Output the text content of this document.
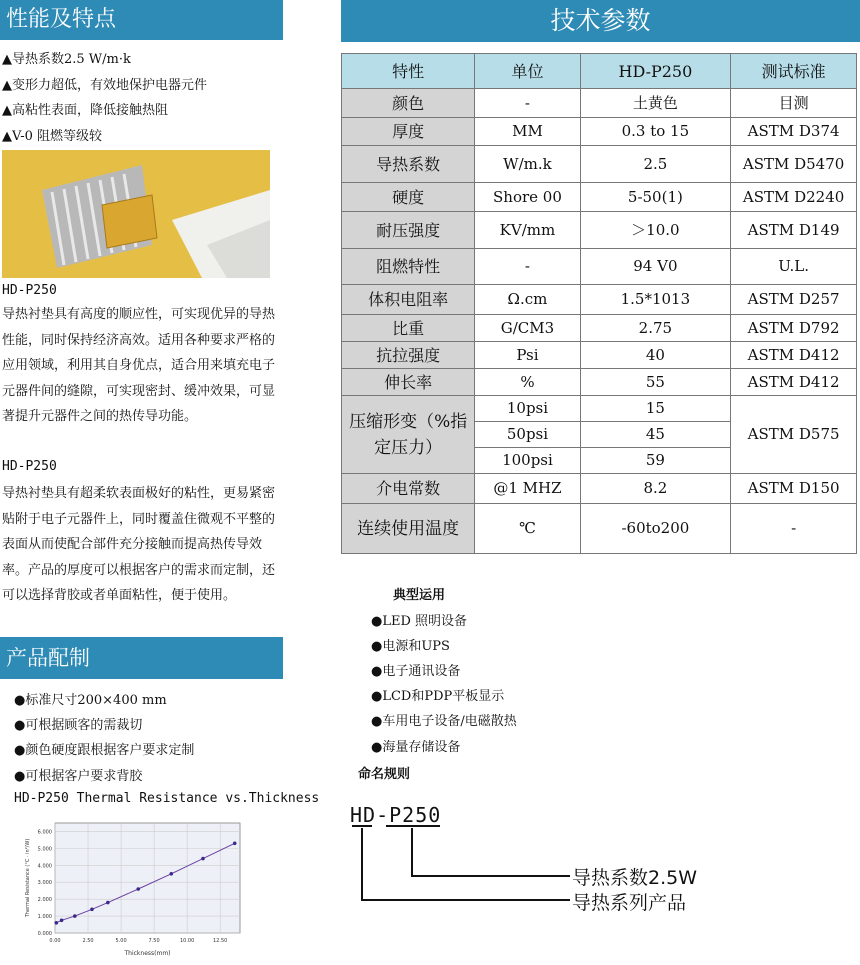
性能及特点
▲导热系数2.5 W/m·k
▲变形力超低，有效地保护电器元件
▲高粘性表面，降低接触热阻
▲V-0 阻燃等级较
HD-P250
导热衬垫具有高度的顺应性，可实现优异的导热性能，同时保持经济高效。适用各种要求严格的应用领域，利用其自身优点，适合用来填充电子元器件间的缝隙，可实现密封、缓冲效果，可显著提升元器件之间的热传导功能。
HD-P250
导热衬垫具有超柔软表面极好的粘性，更易紧密贴附于电子元器件上，同时覆盖住微观不平整的表面从而使配合部件充分接触而提高热传导效率。产品的厚度可以根据客户的需求而定制，还可以选择背胶或者单面粘性，便于使用。
产品配制
●标准尺寸200×400 mm
●可根据顾客的需裁切
●颜色硬度跟根据客户要求定制
●可根据客户要求背胶
HD-P250 Thermal Resistance vs.Thickness
0.000
1.000
2.000
3.000
4.000
5.000
6.000
0.00	2.50	5.00	7.50	10.00	12.50
Thickness(mm)
Thermal Resistance (°C · in²/W)
技术参数
特性	单位	HD-P250	测试标准
颜色	-	土黄色	目测
厚度	MM	0.3 to 15	ASTM D374
导热系数	W/m.k	2.5	ASTM D5470
硬度	Shore 00	5-50(1)	ASTM D2240
耐压强度	KV/mm	＞10.0	ASTM D149
阻燃特性	-	94 V0	U.L.
体积电阻率	Ω.cm	1.5*1013	ASTM D257
比重	G/CM3	2.75	ASTM D792
抗拉强度	Psi	40	ASTM D412
伸长率	%	55	ASTM D412
压缩形变（%指定压力）	10psi	15	ASTM D575
	50psi	45	
	100psi	59	
介电常数	@1 MHZ	8.2	ASTM D150
连续使用温度	℃	-60to200	-
典型运用
●LED 照明设备
●电源和UPS
●电子通讯设备
●LCD和PDP平板显示
●车用电子设备/电磁散热
●海量存储设备
命名规则
HD-P250
导热系数2.5W
导热系列产品
